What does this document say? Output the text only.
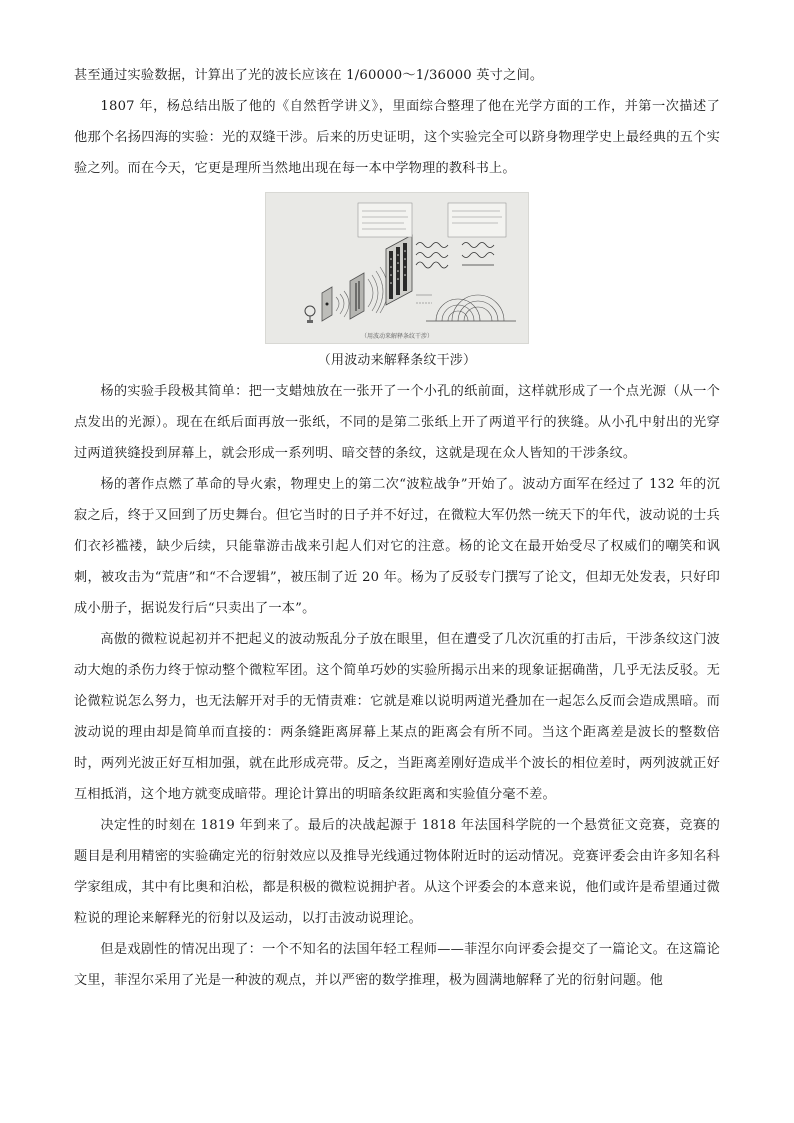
甚至通过实验数据，计算出了光的波长应该在 1/60000～1/36000 英寸之间。

1807 年，杨总结出版了他的《自然哲学讲义》，里面综合整理了他在光学方面的工作，并第一次描述了他那个名扬四海的实验：光的双缝干涉。后来的历史证明，这个实验完全可以跻身物理学史上最经典的五个实验之列。而在今天，它更是理所当然地出现在每一本中学物理的教科书上。

（用波动来解释条纹干涉）
（用波动来解释条纹干涉）

杨的实验手段极其简单：把一支蜡烛放在一张开了一个小孔的纸前面，这样就形成了一个点光源（从一个点发出的光源）。现在在纸后面再放一张纸，不同的是第二张纸上开了两道平行的狭缝。从小孔中射出的光穿过两道狭缝投到屏幕上，就会形成一系列明、暗交替的条纹，这就是现在众人皆知的干涉条纹。

杨的著作点燃了革命的导火索，物理史上的第二次“波粒战争”开始了。波动方面军在经过了 132 年的沉寂之后，终于又回到了历史舞台。但它当时的日子并不好过，在微粒大军仍然一统天下的年代，波动说的士兵们衣衫褴褛，缺少后续，只能靠游击战来引起人们对它的注意。杨的论文在最开始受尽了权威们的嘲笑和讽刺，被攻击为“荒唐”和“不合逻辑”，被压制了近 20 年。杨为了反驳专门撰写了论文，但却无处发表，只好印成小册子，据说发行后“只卖出了一本”。

高傲的微粒说起初并不把起义的波动叛乱分子放在眼里，但在遭受了几次沉重的打击后，干涉条纹这门波动大炮的杀伤力终于惊动整个微粒军团。这个简单巧妙的实验所揭示出来的现象证据确凿，几乎无法反驳。无论微粒说怎么努力，也无法解开对手的无情责难：它就是难以说明两道光叠加在一起怎么反而会造成黑暗。而波动说的理由却是简单而直接的：两条缝距离屏幕上某点的距离会有所不同。当这个距离差是波长的整数倍时，两列光波正好互相加强，就在此形成亮带。反之，当距离差刚好造成半个波长的相位差时，两列波就正好互相抵消，这个地方就变成暗带。理论计算出的明暗条纹距离和实验值分毫不差。

决定性的时刻在 1819 年到来了。最后的决战起源于 1818 年法国科学院的一个悬赏征文竞赛，竞赛的题目是利用精密的实验确定光的衍射效应以及推导光线通过物体附近时的运动情况。竞赛评委会由许多知名科学家组成，其中有比奥和泊松，都是积极的微粒说拥护者。从这个评委会的本意来说，他们或许是希望通过微粒说的理论来解释光的衍射以及运动，以打击波动说理论。

但是戏剧性的情况出现了：一个不知名的法国年轻工程师——菲涅尔向评委会提交了一篇论文。在这篇论文里，菲涅尔采用了光是一种波的观点，并以严密的数学推理，极为圆满地解释了光的衍射问题。他
